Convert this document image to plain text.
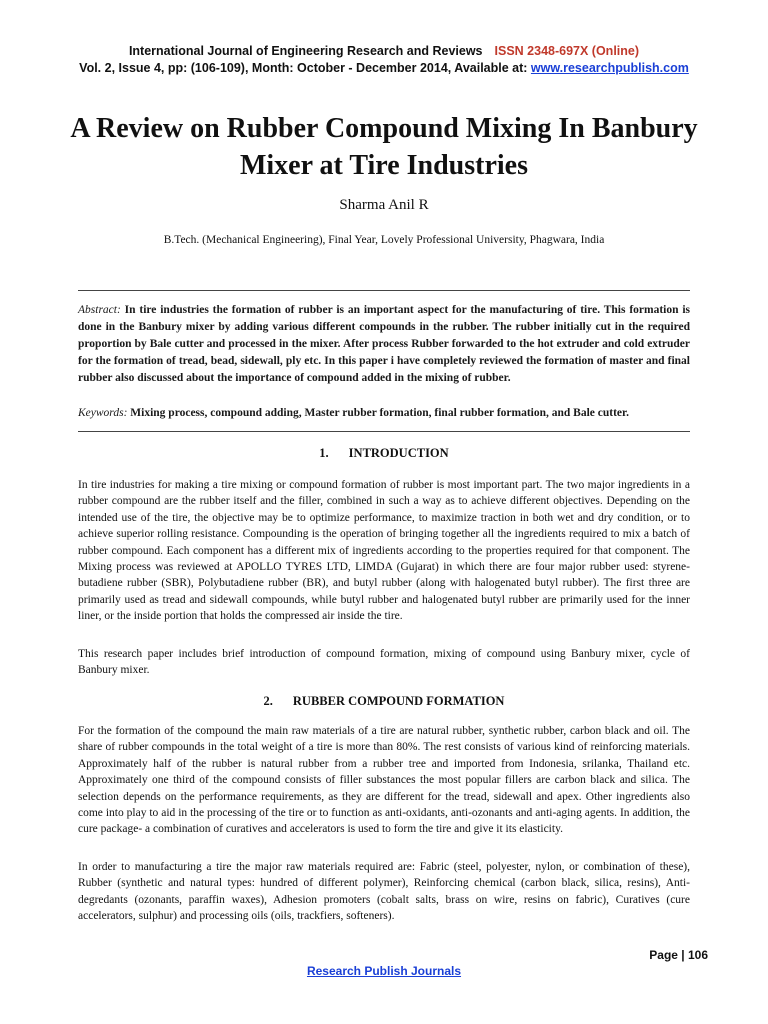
International Journal of Engineering Research and Reviews ISSN 2348-697X (Online)
Vol. 2, Issue 4, pp: (106-109), Month: October - December 2014, Available at: www.researchpublish.com
A Review on Rubber Compound Mixing In Banbury Mixer at Tire Industries
Sharma Anil R
B.Tech. (Mechanical Engineering), Final Year, Lovely Professional University, Phagwara, India
Abstract: In tire industries the formation of rubber is an important aspect for the manufacturing of tire. This formation is done in the Banbury mixer by adding various different compounds in the rubber. The rubber initially cut in the required proportion by Bale cutter and processed in the mixer. After process Rubber forwarded to the hot extruder and cold extruder for the formation of tread, bead, sidewall, ply etc. In this paper i have completely reviewed the formation of master and final rubber also discussed about the importance of compound added in the mixing of rubber.
Keywords: Mixing process, compound adding, Master rubber formation, final rubber formation, and Bale cutter.
1. INTRODUCTION
In tire industries for making a tire mixing or compound formation of rubber is most important part. The two major ingredients in a rubber compound are the rubber itself and the filler, combined in such a way as to achieve different objectives. Depending on the intended use of the tire, the objective may be to optimize performance, to maximize traction in both wet and dry condition, or to achieve superior rolling resistance. Compounding is the operation of bringing together all the ingredients required to mix a batch of rubber compound. Each component has a different mix of ingredients according to the properties required for that component. The Mixing process was reviewed at APOLLO TYRES LTD, LIMDA (Gujarat) in which there are four major rubber used: styrene-butadiene rubber (SBR), Polybutadiene rubber (BR), and butyl rubber (along with halogenated butyl rubber). The first three are primarily used as tread and sidewall compounds, while butyl rubber and halogenated butyl rubber are primarily used for the inner liner, or the inside portion that holds the compressed air inside the tire.
This research paper includes brief introduction of compound formation, mixing of compound using Banbury mixer, cycle of Banbury mixer.
2. RUBBER COMPOUND FORMATION
For the formation of the compound the main raw materials of a tire are natural rubber, synthetic rubber, carbon black and oil. The share of rubber compounds in the total weight of a tire is more than 80%. The rest consists of various kind of reinforcing materials. Approximately half of the rubber is natural rubber from a rubber tree and imported from Indonesia, srilanka, Thailand etc. Approximately one third of the compound consists of filler substances the most popular fillers are carbon black and silica. The selection depends on the performance requirements, as they are different for the tread, sidewall and apex. Other ingredients also come into play to aid in the processing of the tire or to function as anti-oxidants, anti-ozonants and anti-aging agents. In addition, the cure package- a combination of curatives and accelerators is used to form the tire and give it its elasticity.
In order to manufacturing a tire the major raw materials required are: Fabric (steel, polyester, nylon, or combination of these), Rubber (synthetic and natural types: hundred of different polymer), Reinforcing chemical (carbon black, silica, resins), Anti-degredants (ozonants, paraffin waxes), Adhesion promoters (cobalt salts, brass on wire, resins on fabric), Curatives (cure accelerators, sulphur) and processing oils (oils, trackfiers, softeners).
Page | 106
Research Publish Journals
